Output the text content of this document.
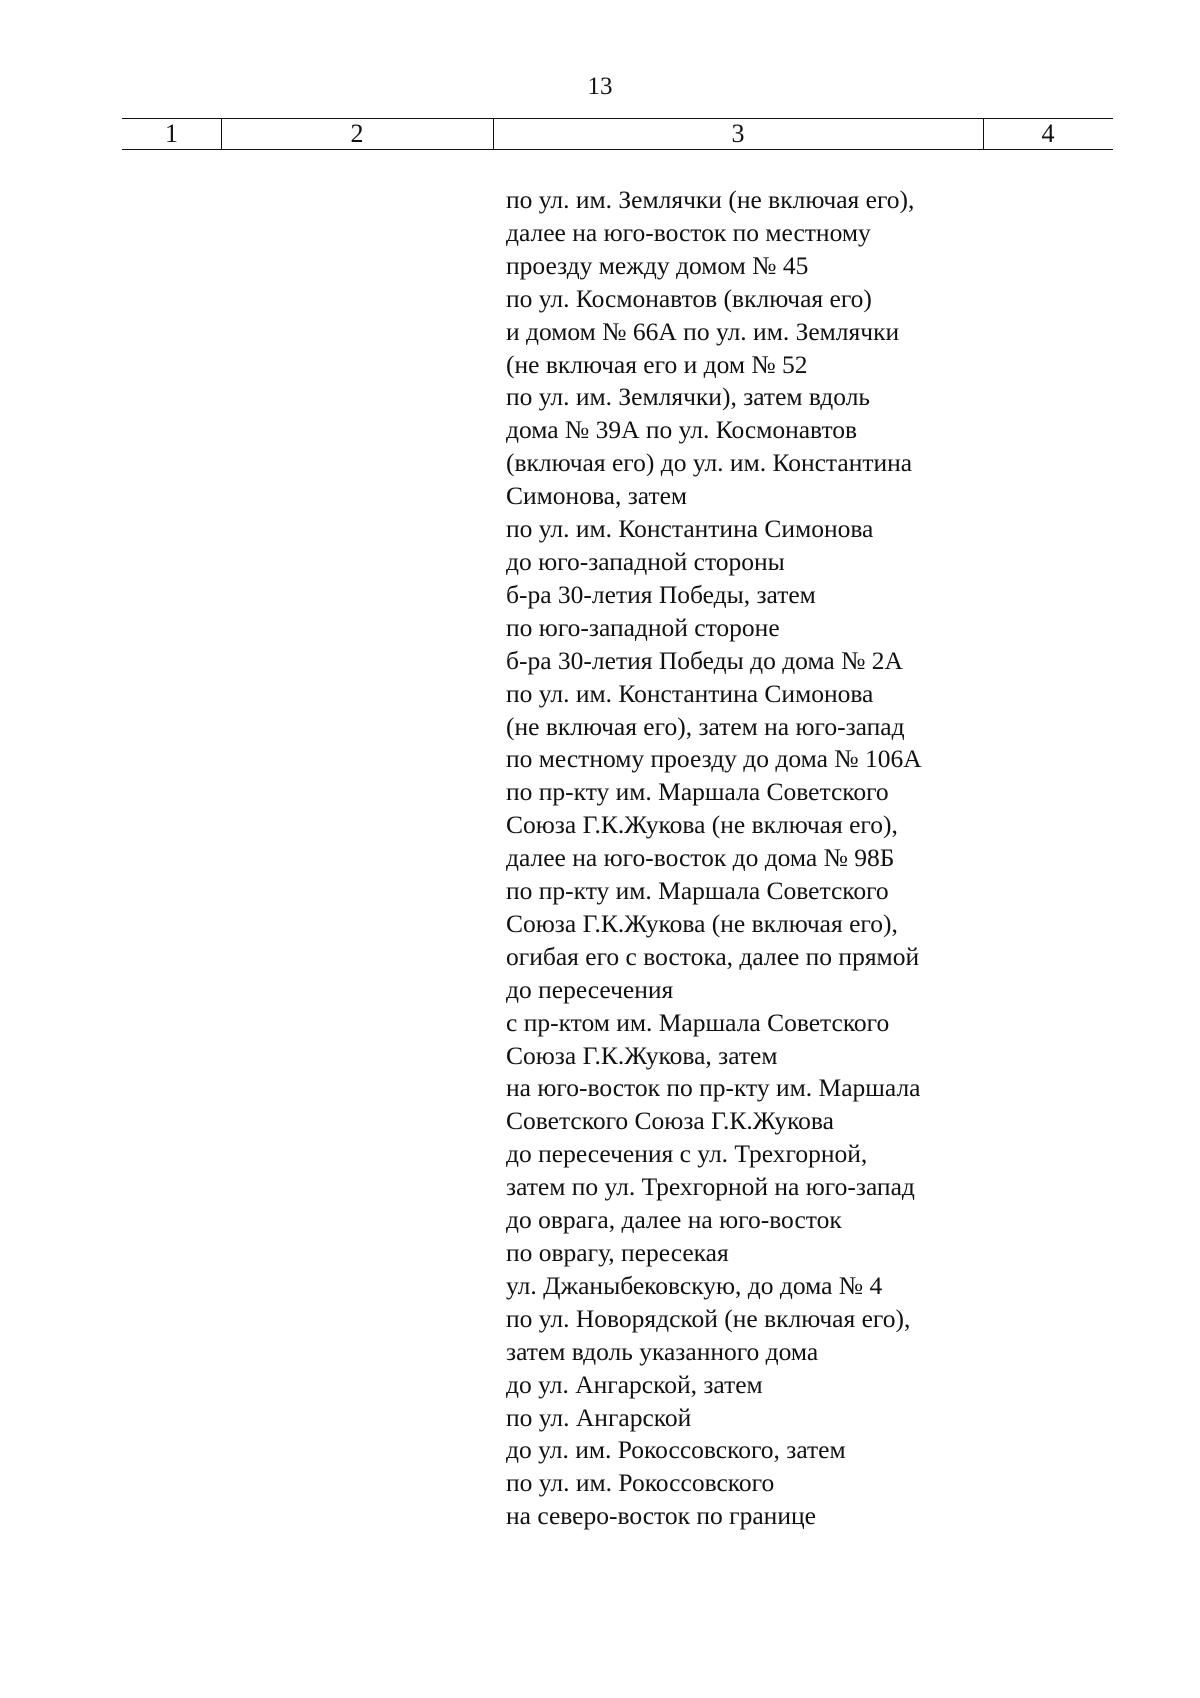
13
1	2	3	4
по ул. им. Землячки (не включая его),
далее на юго-восток по местному
проезду между домом № 45
по ул. Космонавтов (включая его)
и домом № 66А по ул. им. Землячки
(не включая его и дом № 52
по ул. им. Землячки), затем вдоль
дома № 39А по ул. Космонавтов
(включая его) до ул. им. Константина
Симонова, затем
по ул. им. Константина Симонова
до юго-западной стороны
б-ра 30-летия Победы, затем
по юго-западной стороне
б-ра 30-летия Победы до дома № 2А
по ул. им. Константина Симонова
(не включая его), затем на юго-запад
по местному проезду до дома № 106А
по пр-кту им. Маршала Советского
Союза Г.К.Жукова (не включая его),
далее на юго-восток до дома № 98Б
по пр-кту им. Маршала Советского
Союза Г.К.Жукова (не включая его),
огибая его с востока, далее по прямой
до пересечения
с пр-ктом им. Маршала Советского
Союза Г.К.Жукова, затем
на юго-восток по пр-кту им. Маршала
Советского Союза Г.К.Жукова
до пересечения с ул. Трехгорной,
затем по ул. Трехгорной на юго-запад
до оврага, далее на юго-восток
по оврагу, пересекая
ул. Джаныбековскую, до дома № 4
по ул. Новорядской (не включая его),
затем вдоль указанного дома
до ул. Ангарской, затем
по ул. Ангарской
до ул. им. Рокоссовского, затем
по ул. им. Рокоссовского
на северо-восток по границе
